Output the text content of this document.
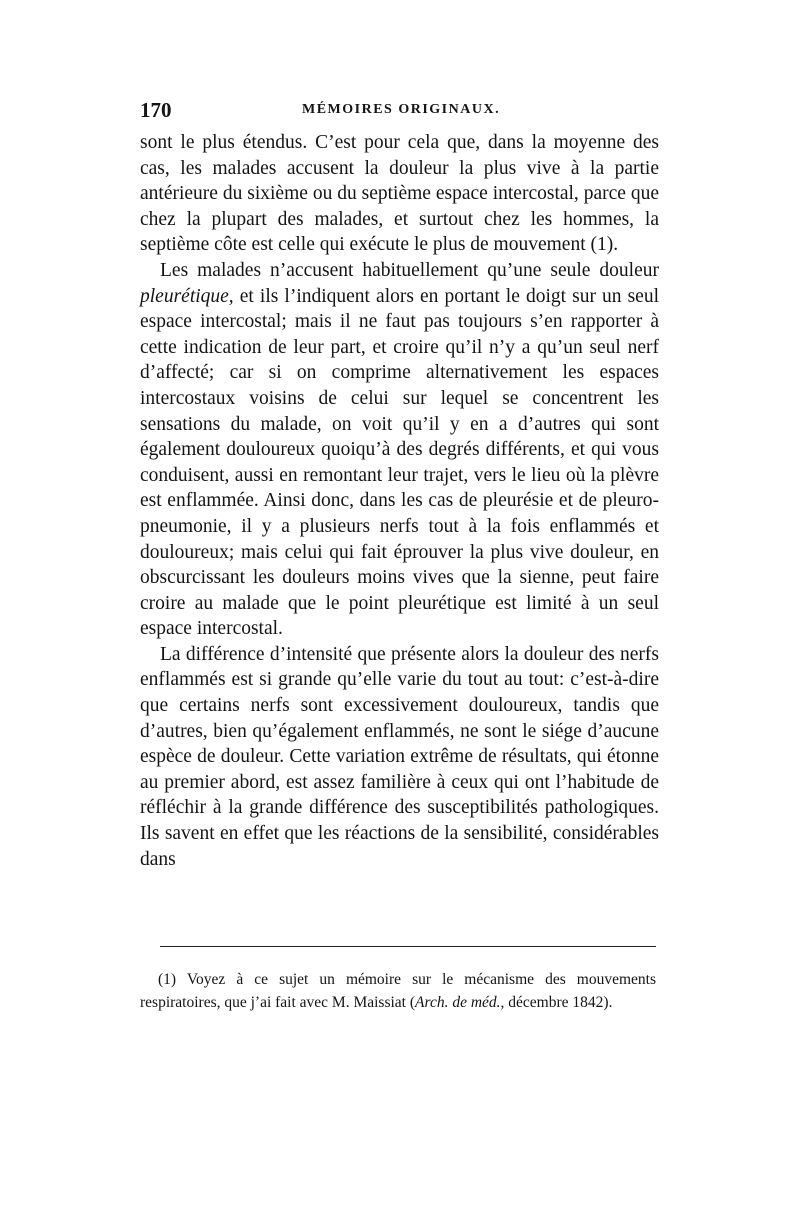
170	MÉMOIRES ORIGINAUX.

sont le plus étendus. C’est pour cela que, dans la moyenne des cas, les malades accusent la douleur la plus vive à la partie antérieure du sixième ou du septième espace intercostal, parce que chez la plupart des malades, et surtout chez les hommes, la septième côte est celle qui exécute le plus de mouvement (1).

Les malades n’accusent habituellement qu’une seule douleur pleurétique, et ils l’indiquent alors en portant le doigt sur un seul espace intercostal; mais il ne faut pas toujours s’en rapporter à cette indication de leur part, et croire qu’il n’y a qu’un seul nerf d’affecté; car si on comprime alternativement les espaces intercostaux voisins de celui sur lequel se concentrent les sensations du malade, on voit qu’il y en a d’autres qui sont également douloureux quoiqu’à des degrés différents, et qui vous conduisent, aussi en remontant leur trajet, vers le lieu où la plèvre est enflammée. Ainsi donc, dans les cas de pleurésie et de pleuro-pneumonie, il y a plusieurs nerfs tout à la fois enflammés et douloureux; mais celui qui fait éprouver la plus vive douleur, en obscurcissant les douleurs moins vives que la sienne, peut faire croire au malade que le point pleurétique est limité à un seul espace intercostal.

La différence d’intensité que présente alors la douleur des nerfs enflammés est si grande qu’elle varie du tout au tout: c’est-à-dire que certains nerfs sont excessivement douloureux, tandis que d’autres, bien qu’également enflammés, ne sont le siége d’aucune espèce de douleur. Cette variation extrême de résultats, qui étonne au premier abord, est assez familière à ceux qui ont l’habitude de réfléchir à la grande différence des susceptibilités pathologiques. Ils savent en effet que les réactions de la sensibilité, considérables dans

(1) Voyez à ce sujet un mémoire sur le mécanisme des mouvements respiratoires, que j’ai fait avec M. Maissiat (Arch. de méd., décembre 1842).
